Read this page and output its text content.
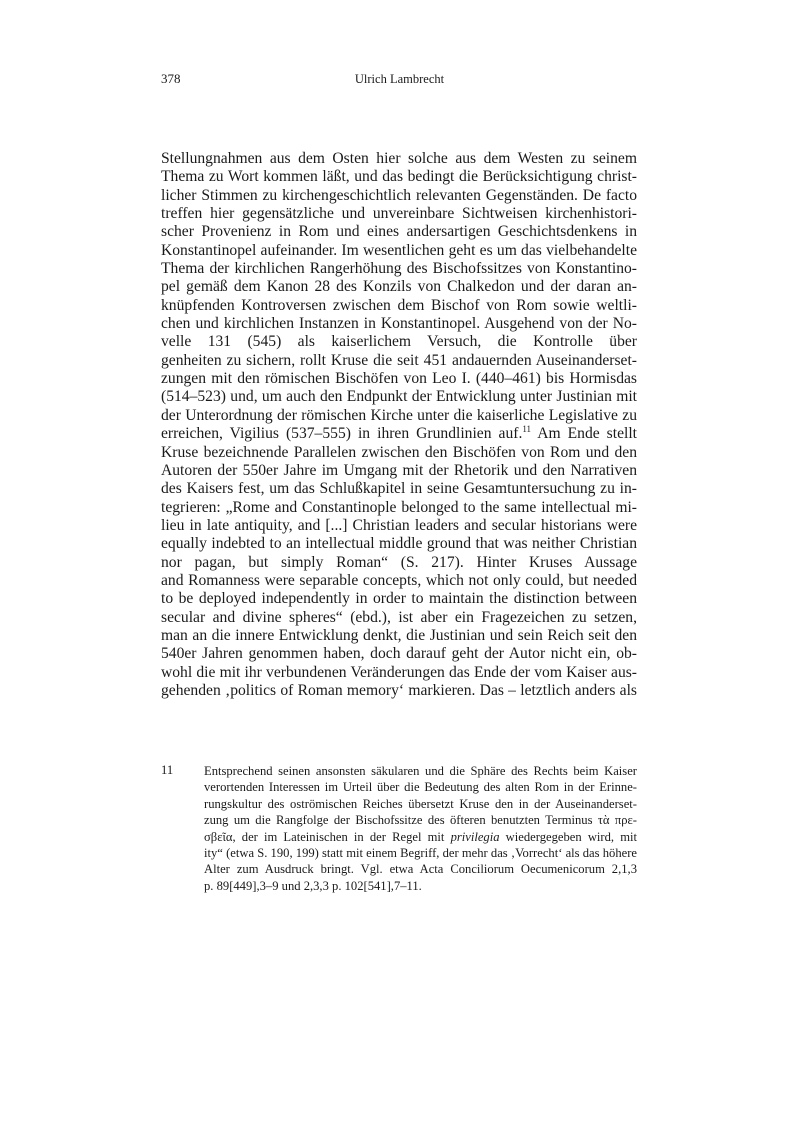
378	Ulrich Lambrecht
Stellungnahmen aus dem Osten hier solche aus dem Westen zu seinem
Thema zu Wort kommen läßt, und das bedingt die Berücksichtigung christ-
licher Stimmen zu kirchengeschichtlich relevanten Gegenständen. De facto
treffen hier gegensätzliche und unvereinbare Sichtweisen kirchenhistori-
scher Provenienz in Rom und eines andersartigen Geschichtsdenkens in
Konstantinopel aufeinander. Im wesentlichen geht es um das vielbehandelte
Thema der kirchlichen Rangerhöhung des Bischofssitzes von Konstantino-
pel gemäß dem Kanon 28 des Konzils von Chalkedon und der daran an-
knüpfenden Kontroversen zwischen dem Bischof von Rom sowie weltli-
chen und kirchlichen Instanzen in Konstantinopel. Ausgehend von der No-
velle 131 (545) als kaiserlichem Versuch, die Kontrolle über
genheiten zu sichern, rollt Kruse die seit 451 andauernden Auseinanderset-
zungen mit den römischen Bischöfen von Leo I. (440–461) bis Hormisdas
(514–523) und, um auch den Endpunkt der Entwicklung unter Justinian mit
der Unterordnung der römischen Kirche unter die kaiserliche Legislative zu
erreichen, Vigilius (537–555) in ihren Grundlinien auf.$^{11}$ Am Ende stellt
Kruse bezeichnende Parallelen zwischen den Bischöfen von Rom und den
Autoren der 550er Jahre im Umgang mit der Rhetorik und den Narrativen
des Kaisers fest, um das Schlußkapitel in seine Gesamtuntersuchung zu in-
tegrieren: „Rome and Constantinople belonged to the same intellectual mi-
lieu in late antiquity, and [...] Christian leaders and secular historians were
equally indebted to an intellectual middle ground that was neither Christian
nor pagan, but simply Roman“ (S. 217). Hinter Kruses Aussage
and Romanness were separable concepts, which not only could, but needed
to be deployed independently in order to maintain the distinction between
secular and divine spheres“ (ebd.), ist aber ein Fragezeichen zu setzen,
man an die innere Entwicklung denkt, die Justinian und sein Reich seit den
540er Jahren genommen haben, doch darauf geht der Autor nicht ein, ob-
wohl die mit ihr verbundenen Veränderungen das Ende der vom Kaiser aus-
gehenden ‚politics of Roman memory‘ markieren. Das – letztlich anders als
11 Entsprechend seinen ansonsten säkularen und die Sphäre des Rechts beim Kaiser
verortenden Interessen im Urteil über die Bedeutung des alten Rom in der Erinne-
rungskultur des oströmischen Reiches übersetzt Kruse den in der Auseinanderset-
zung um die Rangfolge der Bischofssitze des öfteren benutzten Terminus τὰ πρε-
σβεῖα, der im Lateinischen in der Regel mit privilegia wiedergegeben wird, mit
ity“ (etwa S. 190, 199) statt mit einem Begriff, der mehr das ‚Vorrecht‘ als das höhere
Alter zum Ausdruck bringt. Vgl. etwa Acta Conciliorum Oecumenicorum 2,1,3
p. 89[449],3–9 und 2,3,3 p. 102[541],7–11.
